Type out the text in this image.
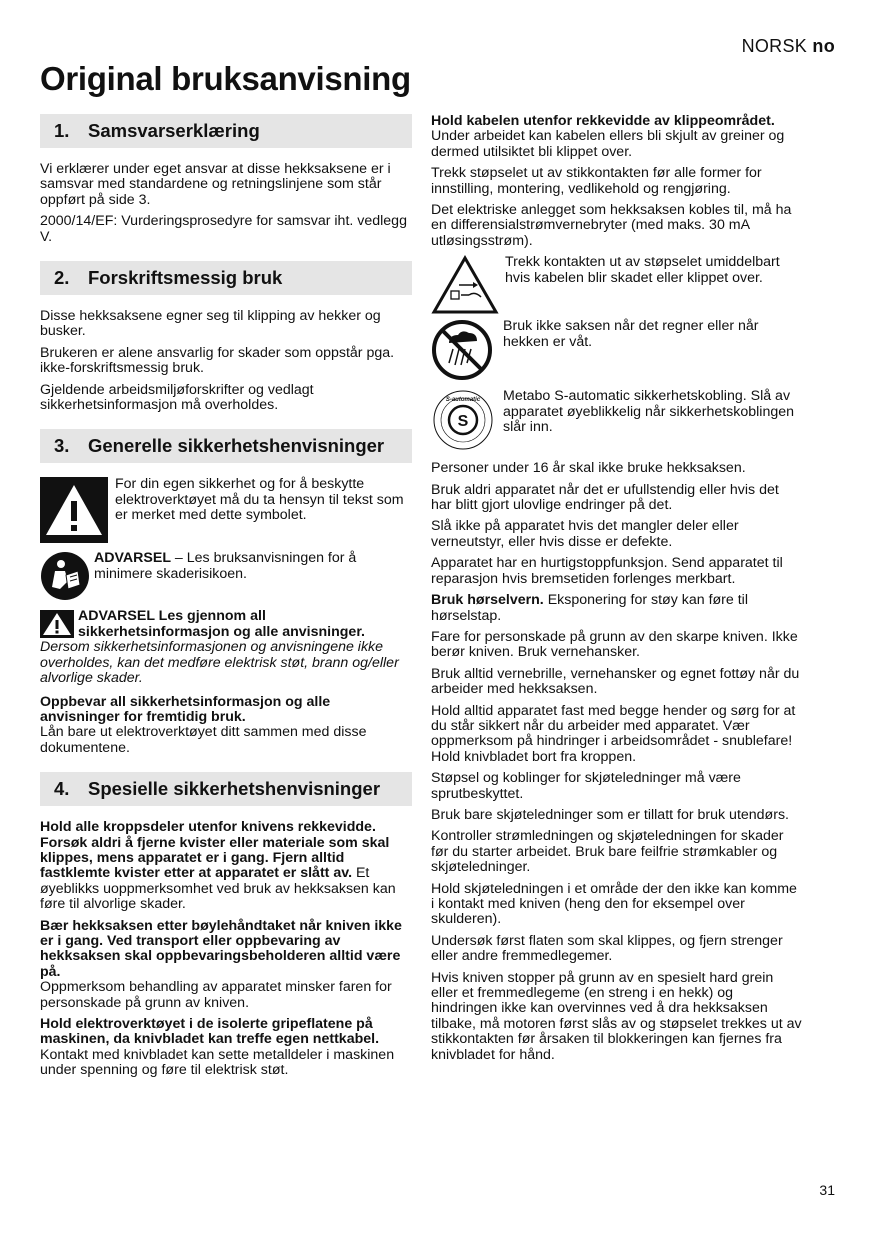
NORSK no
Original bruksanvisning
1.	Samsvarserklæring

Vi erklærer under eget ansvar at disse hekksaksene er i samsvar med standardene og retningslinjene som står oppført på side 3.

2000/14/EF: Vurderingsprosedyre for samsvar iht. vedlegg V.

2.	Forskriftsmessig bruk

Disse hekksaksene egner seg til klipping av hekker og busker.

Brukeren er alene ansvarlig for skader som oppstår pga. ikke-forskriftsmessig bruk.

Gjeldende arbeidsmiljøforskrifter og vedlagt sikkerhetsinformasjon må overholdes.

3.	Generelle sikkerhetshenvisninger
For din egen sikkerhet og for å beskytte elektroverktøyet må du ta hensyn til tekst som er merket med dette symbolet.
ADVARSEL – Les bruksanvisningen for å minimere skaderisikoen.
ADVARSEL Les gjennom all sikkerhetsinformasjon og alle anvisninger. Dersom sikkerhetsinformasjonen og anvisningene ikke overholdes, kan det medføre elektrisk støt, brann og/eller alvorlige skader.

Oppbevar all sikkerhetsinformasjon og alle anvisninger for fremtidig bruk.
Lån bare ut elektroverktøyet ditt sammen med disse dokumentene.

4.	Spesielle sikkerhetshenvisninger

Hold alle kroppsdeler utenfor knivens rekkevidde. Forsøk aldri å fjerne kvister eller materiale som skal klippes, mens apparatet er i gang. Fjern alltid fastklemte kvister etter at apparatet er slått av. Et øyeblikks uoppmerksomhet ved bruk av hekksaksen kan føre til alvorlige skader.

Bær hekksaksen etter bøylehåndtaket når kniven ikke er i gang. Ved transport eller oppbevaring av hekksaksen skal oppbevaringsbeholderen alltid være på.
Oppmerksom behandling av apparatet minsker faren for
personskade på grunn av kniven.

Hold elektroverktøyet i de isolerte gripeflatene på maskinen, da knivbladet kan treffe egen nettkabel. Kontakt med knivbladet kan sette metalldeler i maskinen under spenning og føre til elektrisk støt.

Hold kabelen utenfor rekkevidde av klippeområdet. Under arbeidet kan kabelen ellers bli skjult av greiner og dermed utilsiktet bli klippet over.

Trekk støpselet ut av stikkontakten før alle former for innstilling, montering, vedlikehold og rengjøring.

Det elektriske anlegget som hekksaksen kobles til, må ha en differensialstrømvernebryter (med maks. 30 mA utløsingsstrøm).

Trekk kontakten ut av støpselet umiddelbart hvis kabelen blir skadet eller klippet over.
Bruk ikke saksen når det regner eller når hekken er våt.
S
S-automatic Metabo S-automatic sikkerhetskobling. Slå av apparatet øyeblikkelig når sikkerhetskoblingen slår inn.

Personer under 16 år skal ikke bruke hekksaksen.

Bruk aldri apparatet når det er ufullstendig eller hvis det har blitt gjort ulovlige endringer på det.

Slå ikke på apparatet hvis det mangler deler eller verneutstyr, eller hvis disse er defekte.

Apparatet har en hurtigstoppfunksjon. Send apparatet til reparasjon hvis bremsetiden forlenges merkbart.

Bruk hørselvern. Eksponering for støy kan føre til hørselstap.

Fare for personskade på grunn av den skarpe kniven. Ikke berør kniven. Bruk vernehansker.

Bruk alltid vernebrille, vernehansker og egnet fottøy når du arbeider med hekksaksen.

Hold alltid apparatet fast med begge hender og sørg for at du står sikkert når du arbeider med apparatet. Vær oppmerksom på hindringer i arbeidsområdet - snublefare! Hold knivbladet bort fra kroppen.

Støpsel og koblinger for skjøteledninger må være sprutbeskyttet.

Bruk bare skjøteledninger som er tillatt for bruk utendørs.

Kontroller strømledningen og skjøteledningen for skader før du starter arbeidet. Bruk bare feilfrie strømkabler og skjøteledninger.

Hold skjøteledningen i et område der den ikke kan komme i kontakt med kniven (heng den for eksempel over skulderen).

Undersøk først flaten som skal klippes, og fjern strenger eller andre fremmedlegemer.

Hvis kniven stopper på grunn av en spesielt hard grein eller et fremmedlegeme (en streng i en hekk) og hindringen ikke kan overvinnes ved å dra hekksaksen tilbake, må motoren først slås av og støpselet trekkes ut av stikkontakten før årsaken til blokkeringen kan fjernes fra knivbladet for hånd.

31
